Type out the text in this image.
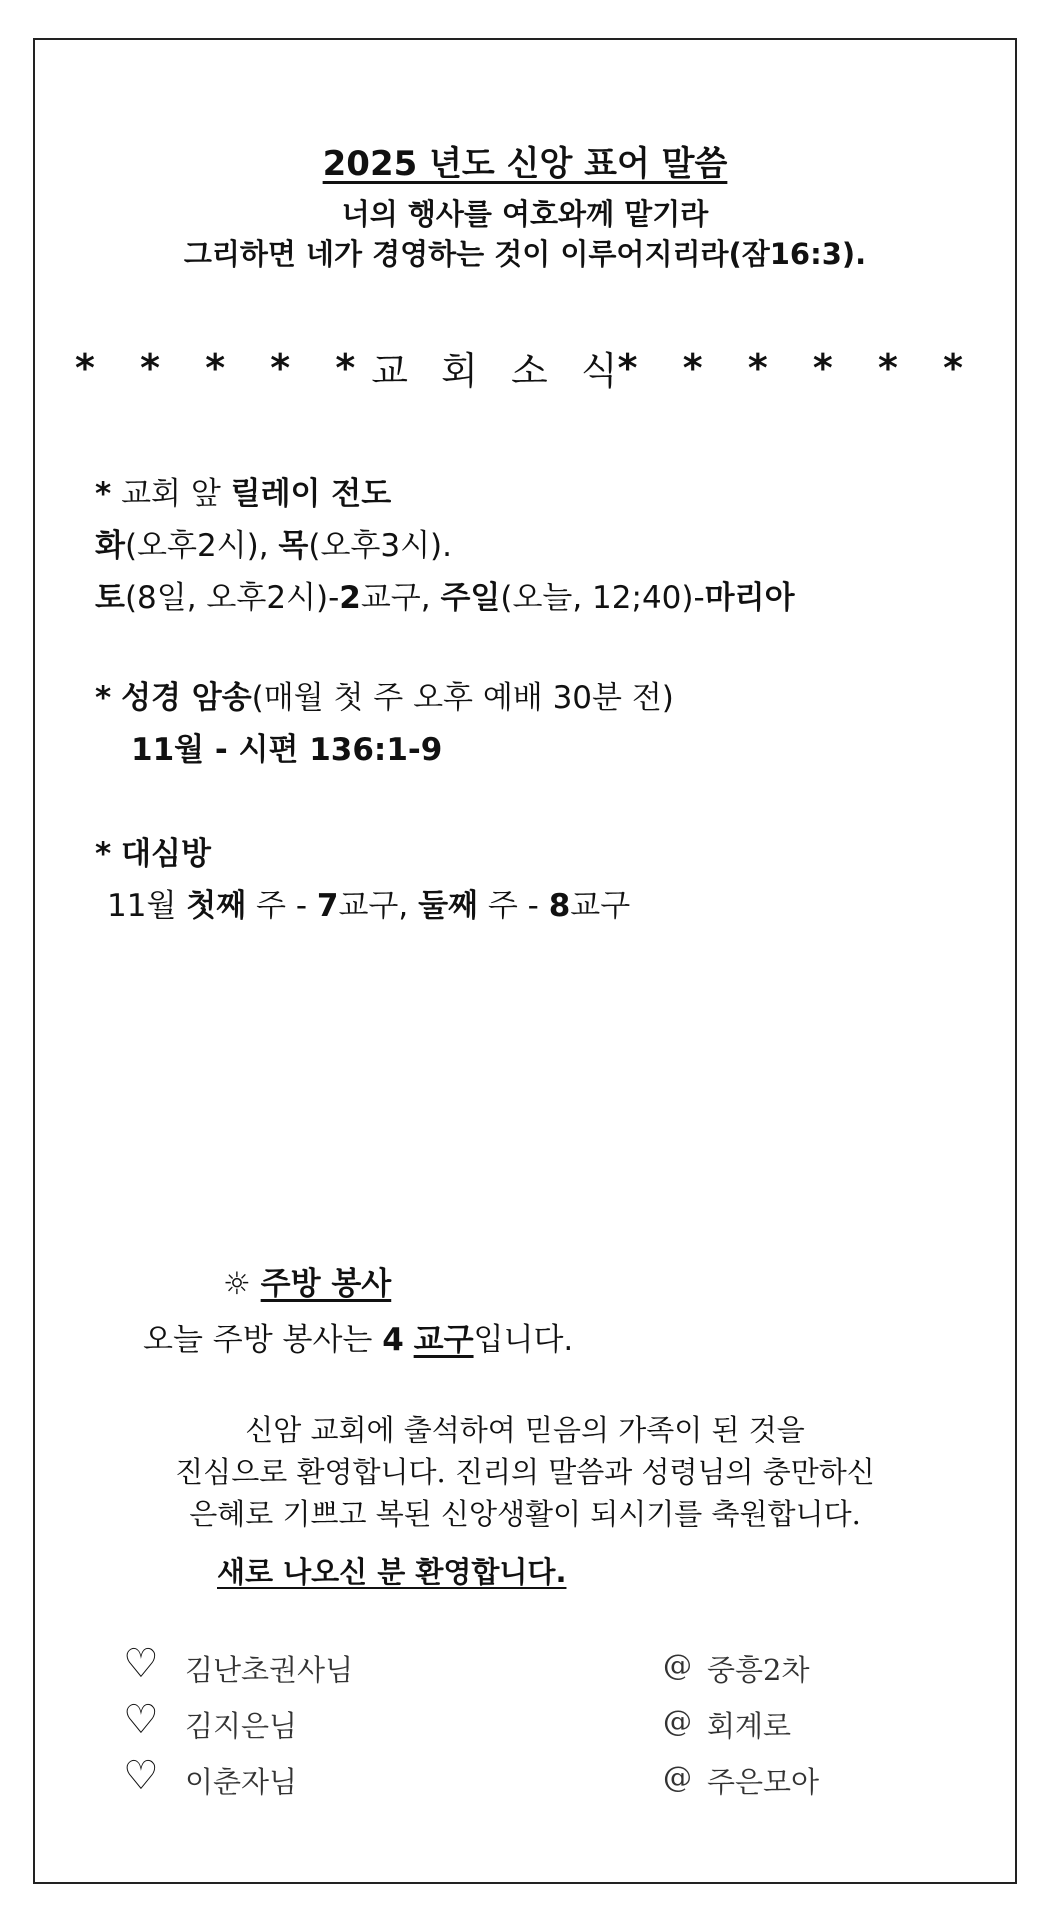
2025 년도 신앙 표어 말씀
너의 행사를 여호와께 맡기라
그리하면 네가 경영하는 것이 이루어지리라(잠16:3).
* * * * * 교 회 소 식 * * * * * *
* 교회 앞 릴레이 전도
화(오후2시), 목(오후3시).
토(8일, 오후2시)-2교구, 주일(오늘, 12;40)-마리아
* 성경 암송(매월 첫 주 오후 예배 30분 전)
11월 - 시편 136:1-9
* 대심방
11월 첫째 주 - 7교구, 둘째 주 - 8교구
☼ 주방 봉사
오늘 주방 봉사는 4 교구입니다.
신암 교회에 출석하여 믿음의 가족이 된 것을
진심으로 환영합니다. 진리의 말씀과 성령님의 충만하신
은혜로 기쁘고 복된 신앙생활이 되시기를 축원합니다.
새로 나오신 분 환영합니다.
♡ 김난초권사님	@ 중흥2차
♡ 김지은님	@ 회계로
♡ 이춘자님	@ 주은모아
